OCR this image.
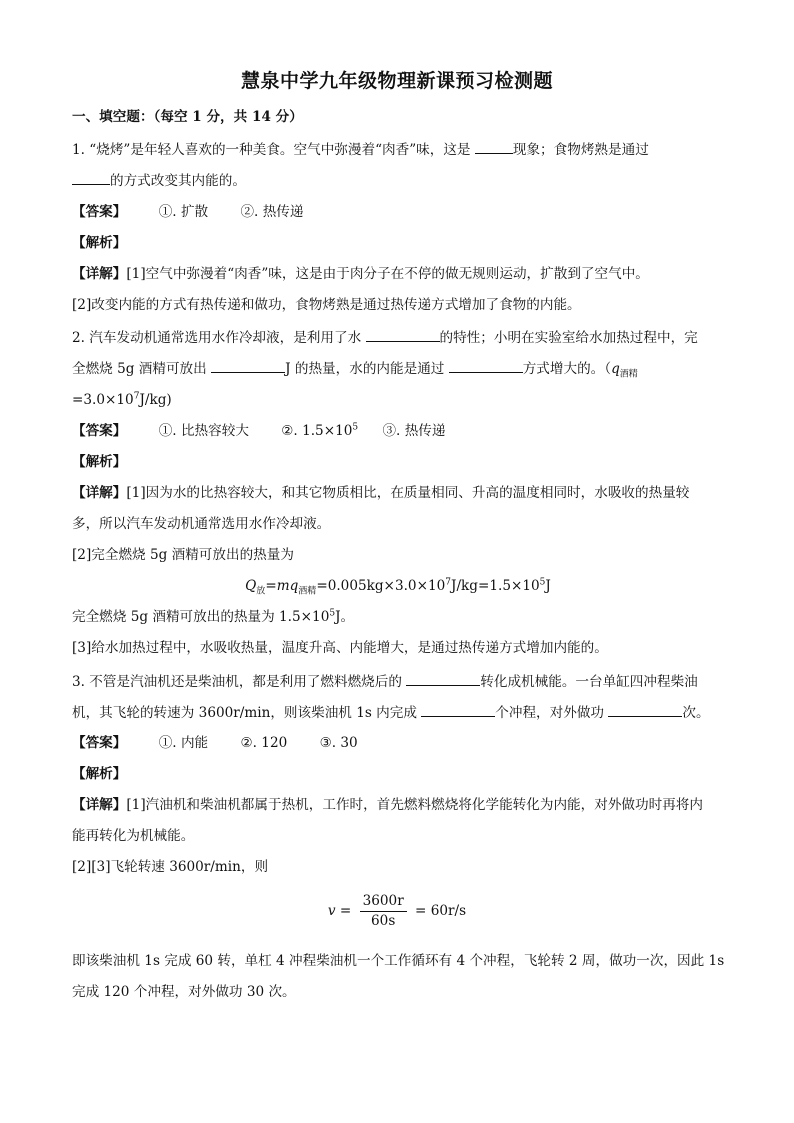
慧泉中学九年级物理新课预习检测题
一、填空题：（每空 1 分，共 14 分）
1. “烧烤”是年轻人喜欢的一种美食。空气中弥漫着“肉香”味，这是	现象；食物烤熟是通过
的方式改变其内能的。
【答案】 ①. 扩散 ②. 热传递
【解析】
【详解】[1]空气中弥漫着“肉香”味，这是由于肉分子在不停的做无规则运动，扩散到了空气中。
[2]改变内能的方式有热传递和做功，食物烤熟是通过热传递方式增加了食物的内能。
2. 汽车发动机通常选用水作冷却液，是利用了水	的特性；小明在实验室给水加热过程中，完
全燃烧 5g 酒精可放出	J 的热量，水的内能是通过	方式增大的。（$q_{酒精}$
$=3.0\times 10^7J/kg$)
【答案】 ①. 比热容较大 ②. $1.5\times 10^5$ ③. 热传递
【解析】
【详解】[1]因为水的比热容较大，和其它物质相比，在质量相同、升高的温度相同时，水吸收的热量较
多，所以汽车发动机通常选用水作冷却液。
[2]完全燃烧 5g 酒精可放出的热量为
$Q_放=mq_{酒精}=0.005kg\times 3.0\times 10^7J/kg=1.5\times 10^5J$
完全燃烧 5g 酒精可放出的热量为 $1.5\times 10^5J$。
[3]给水加热过程中，水吸收热量，温度升高、内能增大，是通过热传递方式增加内能的。
3. 不管是汽油机还是柴油机，都是利用了燃料燃烧后的	转化成机械能。一台单缸四冲程柴油
机，其飞轮的转速为 3600r/min，则该柴油机 1s 内完成	个冲程，对外做功	次。
【答案】 ①. 内能 ②. 120 ③. 30
【解析】
【详解】[1]汽油机和柴油机都属于热机，工作时，首先燃料燃烧将化学能转化为内能，对外做功时再将内
能再转化为机械能。
[2][3]飞轮转速 3600r/min，则
$v = \frac{3600r}{60s} = 60r/s$
即该柴油机 1s 完成 60 转，单杠 4 冲程柴油机一个工作循环有 4 个冲程，飞轮转 2 周，做功一次，因此 1s
完成 120 个冲程，对外做功 30 次。
